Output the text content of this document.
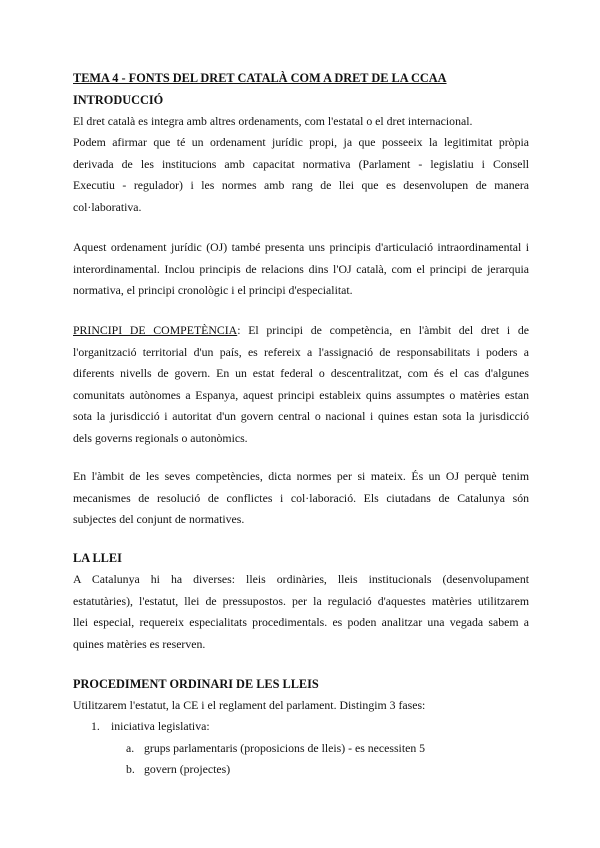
TEMA 4 - FONTS DEL DRET CATALÀ COM A DRET DE LA CCAA
INTRODUCCIÓ
El dret català es integra amb altres ordenaments, com l'estatal o el dret internacional.
Podem afirmar que té un ordenament jurídic propi, ja que posseeix la legitimitat pròpia
derivada de les institucions amb capacitat normativa (Parlament - legislatiu i Consell
Executiu - regulador) i les normes amb rang de llei que es desenvolupen de manera
col·laborativa.
Aquest ordenament jurídic (OJ) també presenta uns principis d'articulació intraordinamental i
interordinamental. Inclou principis de relacions dins l'OJ català, com el principi de jerarquia
normativa, el principi cronològic i el principi d'especialitat.
PRINCIPI DE COMPETÈNCIA: El principi de competència, en l'àmbit del dret i de
l'organització territorial d'un país, es refereix a l'assignació de responsabilitats i poders a
diferents nivells de govern. En un estat federal o descentralitzat, com és el cas d'algunes
comunitats autònomes a Espanya, aquest principi estableix quins assumptes o matèries estan
sota la jurisdicció i autoritat d'un govern central o nacional i quines estan sota la jurisdicció
dels governs regionals o autonòmics.
En l'àmbit de les seves competències, dicta normes per si mateix. És un OJ perquè tenim
mecanismes de resolució de conflictes i col·laboració. Els ciutadans de Catalunya són
subjectes del conjunt de normatives.
LA LLEI
A Catalunya hi ha diverses: lleis ordinàries, lleis institucionals (desenvolupament
estatutàries), l'estatut, llei de pressupostos. per la regulació d'aquestes matèries utilitzarem
llei especial, requereix especialitats procedimentals. es poden analitzar una vegada sabem a
quines matèries es reserven.
PROCEDIMENT ORDINARI DE LES LLEIS
Utilitzarem l'estatut, la CE i el reglament del parlament. Distingim 3 fases:
1. iniciativa legislativa:
a. grups parlamentaris (proposicions de lleis) - es necessiten 5
b. govern (projectes)
